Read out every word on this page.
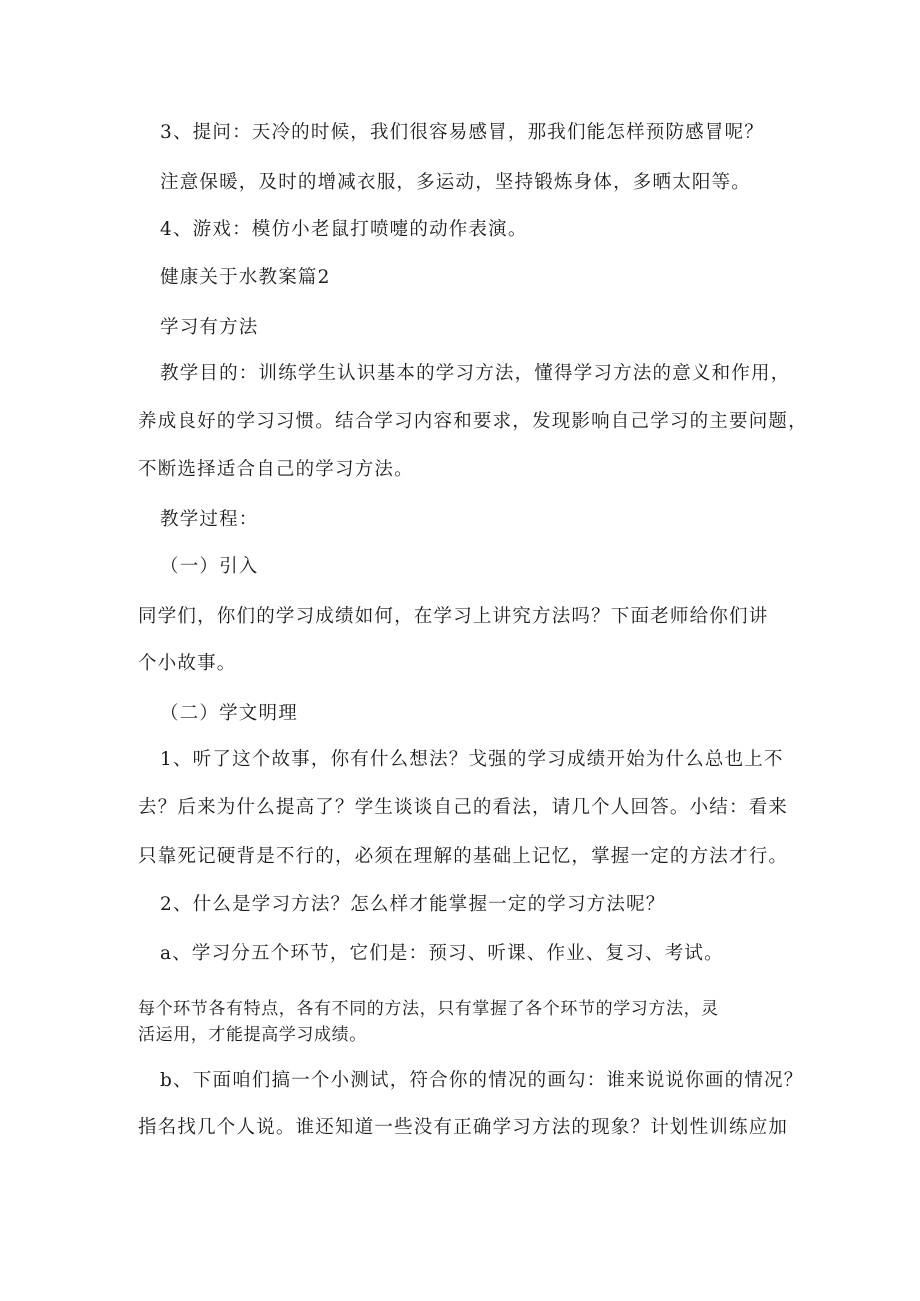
3、提问：天冷的时候，我们很容易感冒，那我们能怎样预防感冒呢？
注意保暖，及时的增减衣服，多运动，坚持锻炼身体，多晒太阳等。
4、游戏：模仿小老鼠打喷嚏的动作表演。
健康关于水教案篇2
学习有方法
教学目的：训练学生认识基本的学习方法，懂得学习方法的意义和作用，
养成良好的学习习惯。结合学习内容和要求，发现影响自己学习的主要问题，
不断选择适合自己的学习方法。
教学过程：
（一）引入
同学们，你们的学习成绩如何，在学习上讲究方法吗？下面老师给你们讲
个小故事。
（二）学文明理
1、听了这个故事，你有什么想法？戈强的学习成绩开始为什么总也上不
去？后来为什么提高了？学生谈谈自己的看法，请几个人回答。小结：看来
只靠死记硬背是不行的，必须在理解的基础上记忆，掌握一定的方法才行。
2、什么是学习方法？怎么样才能掌握一定的学习方法呢？
a、学习分五个环节，它们是：预习、听课、作业、复习、考试。
每个环节各有特点，各有不同的方法，只有掌握了各个环节的学习方法，灵
活运用，才能提高学习成绩。
b、下面咱们搞一个小测试，符合你的情况的画勾：谁来说说你画的情况？
指名找几个人说。谁还知道一些没有正确学习方法的现象？计划性训练应加
